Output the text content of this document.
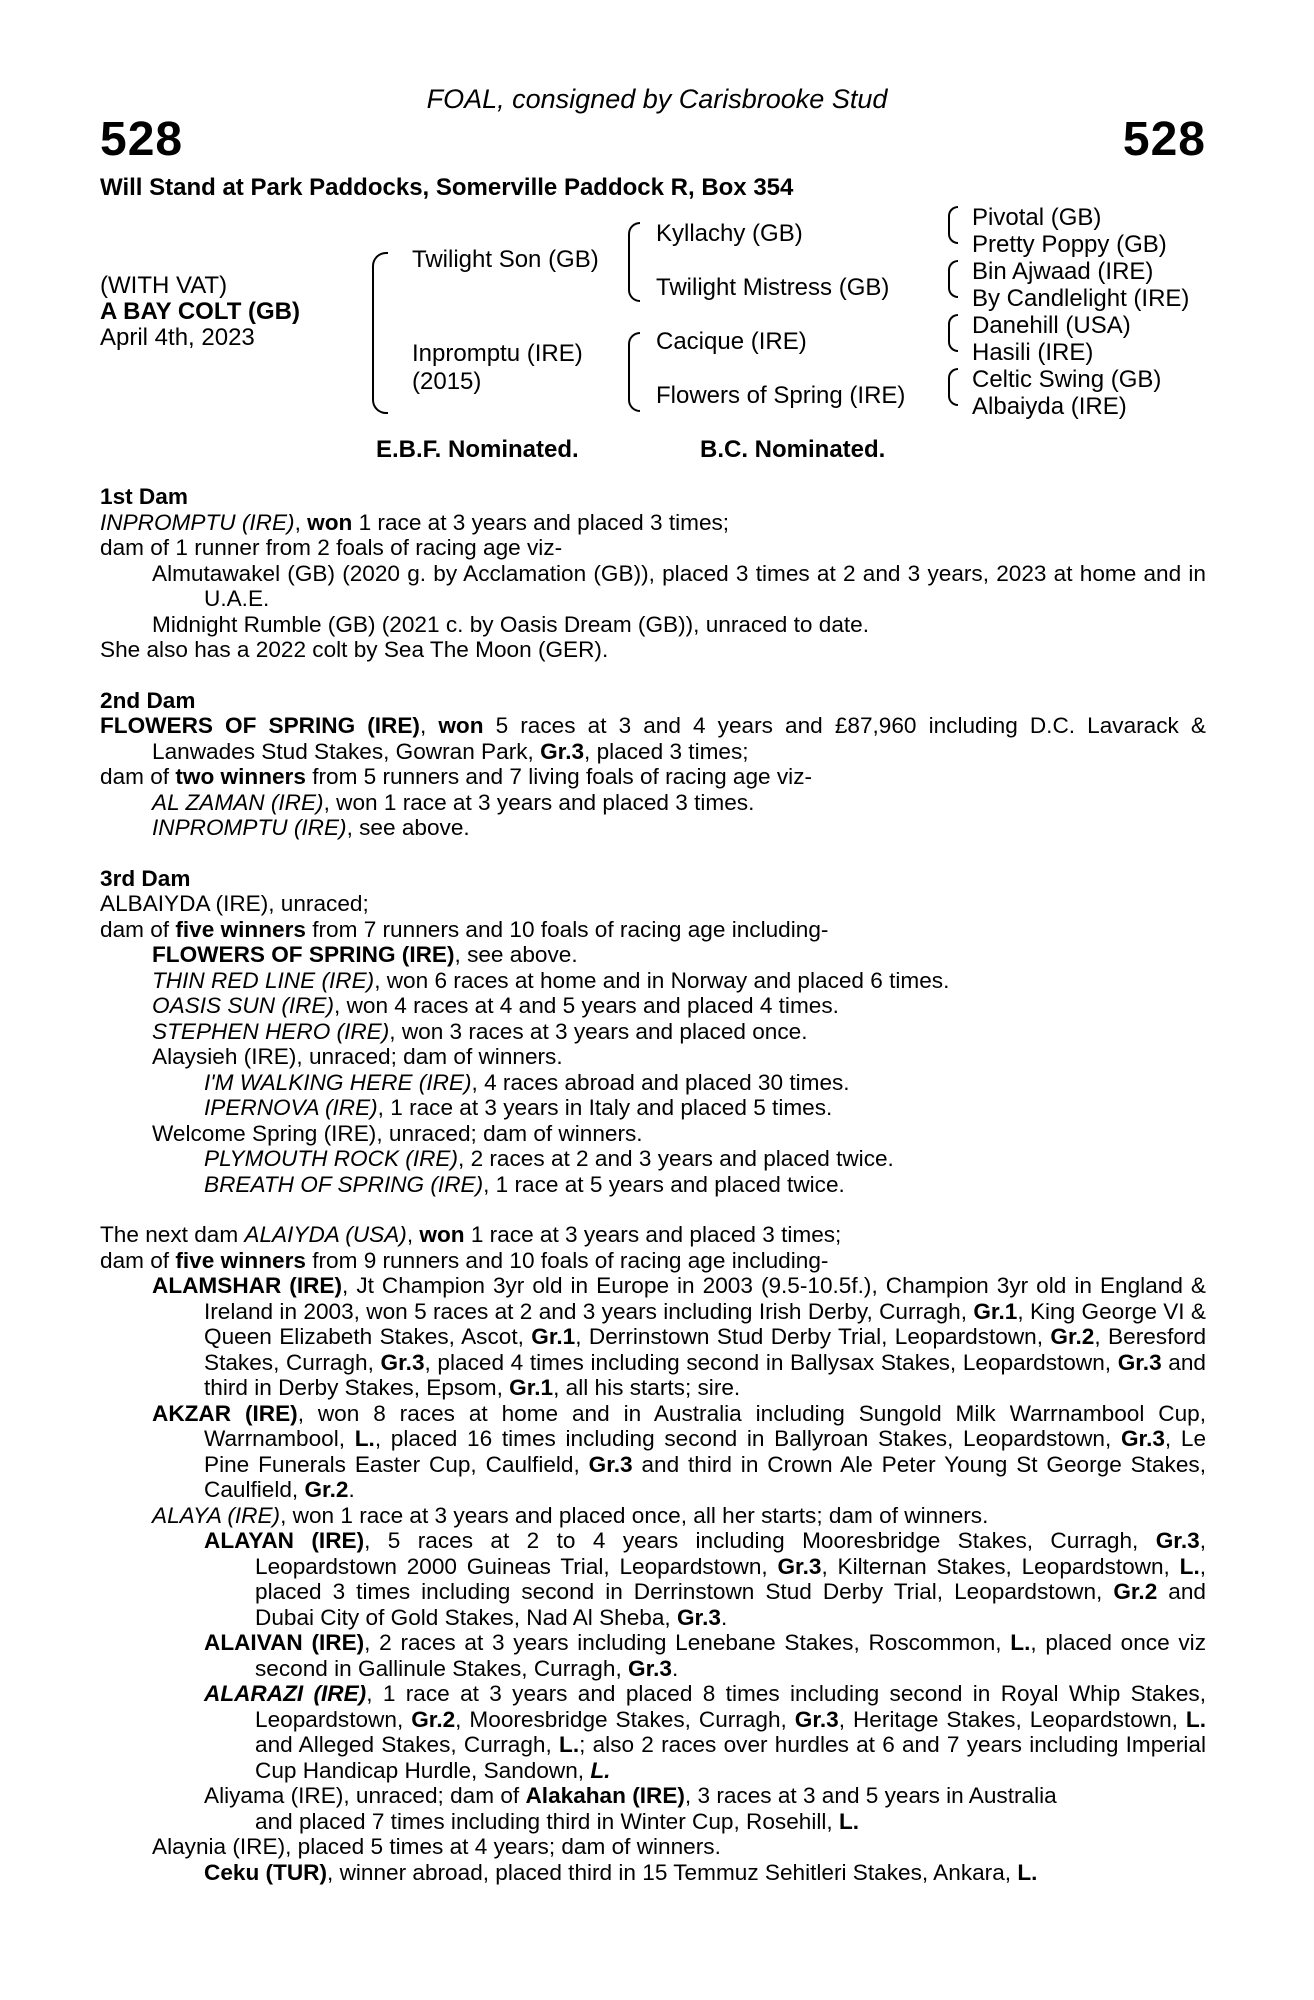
528
FOAL, consigned by Carisbrooke Stud
528
Will Stand at Park Paddocks, Somerville Paddock R, Box 354
(WITH VAT)
A BAY COLT (GB)
April 4th, 2023
Twilight Son (GB)
Inpromptu (IRE)
(2015)
Kyllachy (GB)
Twilight Mistress (GB)
Cacique (IRE)
Flowers of Spring (IRE)
Pivotal (GB)
Pretty Poppy (GB)
Bin Ajwaad (IRE)
By Candlelight (IRE)
Danehill (USA)
Hasili (IRE)
Celtic Swing (GB)
Albaiyda (IRE)
E.B.F. Nominated.	B.C. Nominated.

1st Dam

INPROMPTU (IRE), won 1 race at 3 years and placed 3 times;

dam of 1 runner from 2 foals of racing age viz-

Almutawakel (GB) (2020 g. by Acclamation (GB)), placed 3 times at 2 and 3 years, 2023 at home and in U.A.E.

Midnight Rumble (GB) (2021 c. by Oasis Dream (GB)), unraced to date.

She also has a 2022 colt by Sea The Moon (GER).

2nd Dam

FLOWERS OF SPRING (IRE), won 5 races at 3 and 4 years and £87,960 including D.C. Lavarack & Lanwades Stud Stakes, Gowran Park, Gr.3, placed 3 times;

dam of two winners from 5 runners and 7 living foals of racing age viz-

AL ZAMAN (IRE), won 1 race at 3 years and placed 3 times.

INPROMPTU (IRE), see above.

3rd Dam

ALBAIYDA (IRE), unraced;

dam of five winners from 7 runners and 10 foals of racing age including-

FLOWERS OF SPRING (IRE), see above.

THIN RED LINE (IRE), won 6 races at home and in Norway and placed 6 times.

OASIS SUN (IRE), won 4 races at 4 and 5 years and placed 4 times.

STEPHEN HERO (IRE), won 3 races at 3 years and placed once.

Alaysieh (IRE), unraced; dam of winners.

I'M WALKING HERE (IRE), 4 races abroad and placed 30 times.

IPERNOVA (IRE), 1 race at 3 years in Italy and placed 5 times.

Welcome Spring (IRE), unraced; dam of winners.

PLYMOUTH ROCK (IRE), 2 races at 2 and 3 years and placed twice.

BREATH OF SPRING (IRE), 1 race at 5 years and placed twice.

The next dam ALAIYDA (USA), won 1 race at 3 years and placed 3 times;

dam of five winners from 9 runners and 10 foals of racing age including-

ALAMSHAR (IRE), Jt Champion 3yr old in Europe in 2003 (9.5-10.5f.), Champion 3yr old in England & Ireland in 2003, won 5 races at 2 and 3 years including Irish Derby, Curragh, Gr.1, King George VI & Queen Elizabeth Stakes, Ascot, Gr.1, Derrinstown Stud Derby Trial, Leopardstown, Gr.2, Beresford Stakes, Curragh, Gr.3, placed 4 times including second in Ballysax Stakes, Leopardstown, Gr.3 and third in Derby Stakes, Epsom, Gr.1, all his starts; sire.

AKZAR (IRE), won 8 races at home and in Australia including Sungold Milk Warrnambool Cup, Warrnambool, L., placed 16 times including second in Ballyroan Stakes, Leopardstown, Gr.3, Le Pine Funerals Easter Cup, Caulfield, Gr.3 and third in Crown Ale Peter Young St George Stakes, Caulfield, Gr.2.

ALAYA (IRE), won 1 race at 3 years and placed once, all her starts; dam of winners.

ALAYAN (IRE), 5 races at 2 to 4 years including Mooresbridge Stakes, Curragh, Gr.3, Leopardstown 2000 Guineas Trial, Leopardstown, Gr.3, Kilternan Stakes, Leopardstown, L., placed 3 times including second in Derrinstown Stud Derby Trial, Leopardstown, Gr.2 and Dubai City of Gold Stakes, Nad Al Sheba, Gr.3.

ALAIVAN (IRE), 2 races at 3 years including Lenebane Stakes, Roscommon, L., placed once viz second in Gallinule Stakes, Curragh, Gr.3.

ALARAZI (IRE), 1 race at 3 years and placed 8 times including second in Royal Whip Stakes, Leopardstown, Gr.2, Mooresbridge Stakes, Curragh, Gr.3, Heritage Stakes, Leopardstown, L. and Alleged Stakes, Curragh, L.; also 2 races over hurdles at 6 and 7 years including Imperial Cup Handicap Hurdle, Sandown, L.

Aliyama (IRE), unraced; dam of Alakahan (IRE), 3 races at 3 and 5 years in Australia
and placed 7 times including third in Winter Cup, Rosehill, L.

Alaynia (IRE), placed 5 times at 4 years; dam of winners.

Ceku (TUR), winner abroad, placed third in 15 Temmuz Sehitleri Stakes, Ankara, L.
